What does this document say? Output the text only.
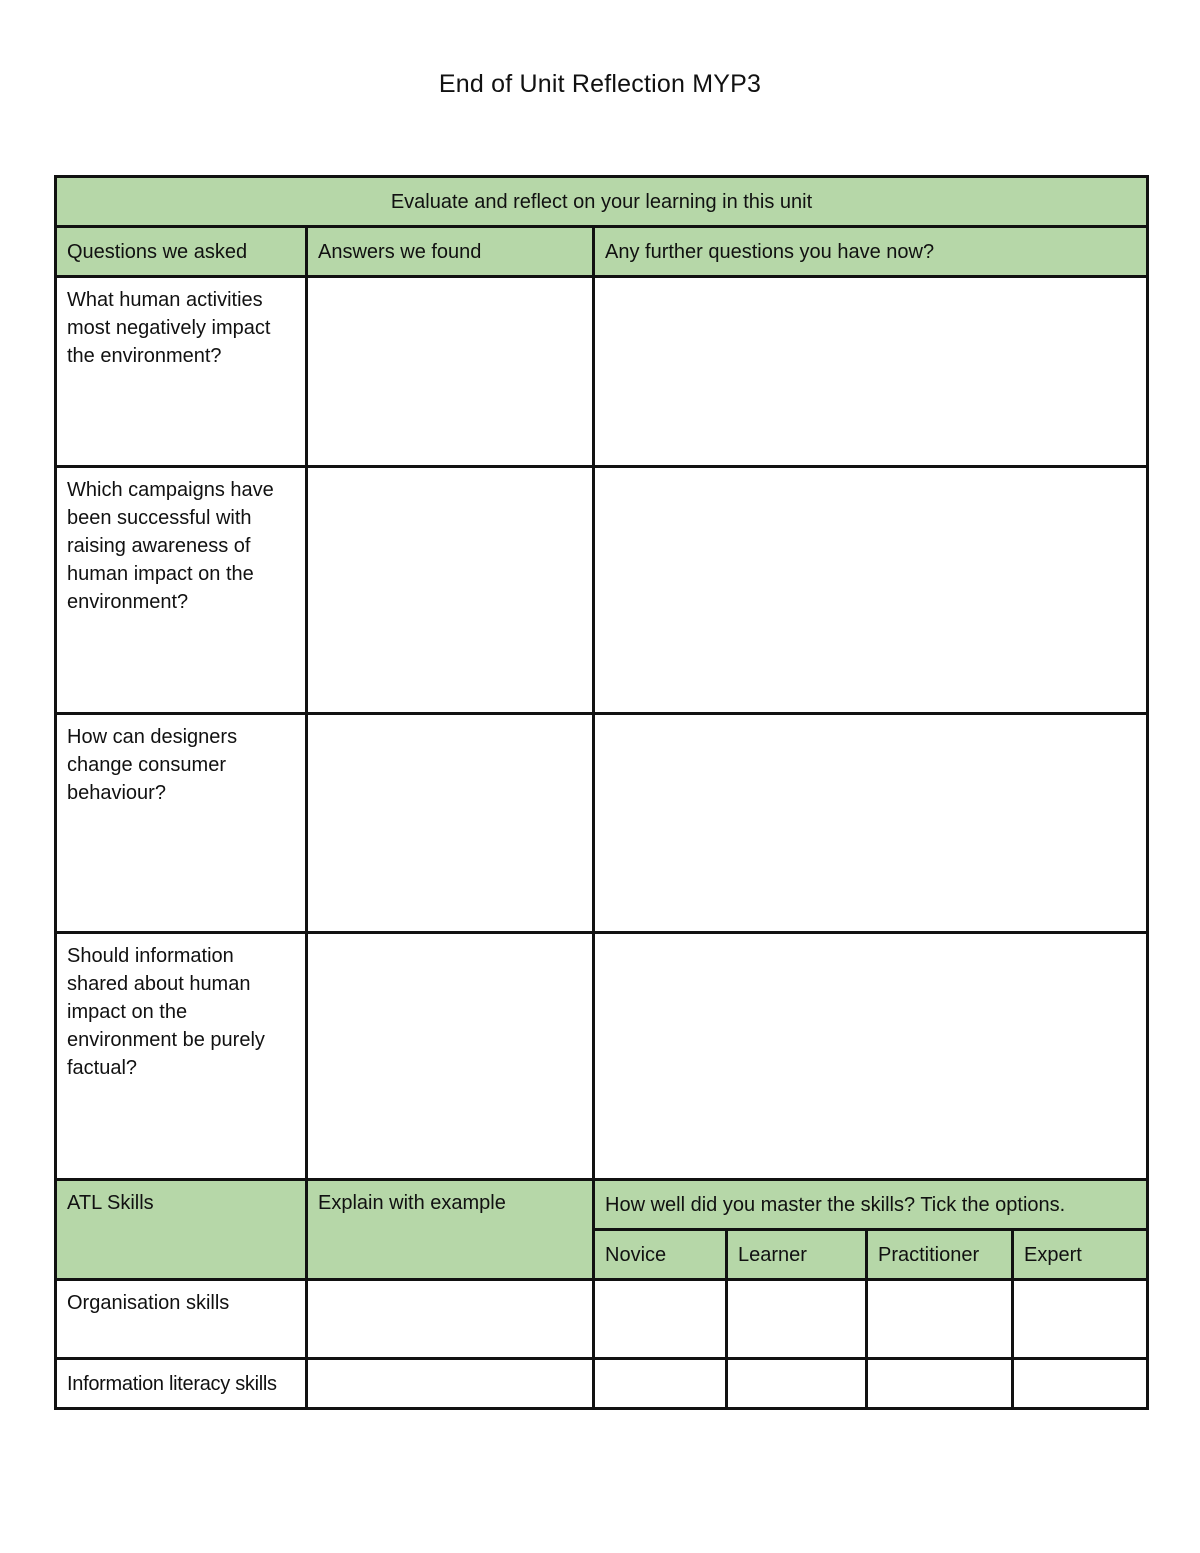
End of Unit Reflection MYP3
Evaluate and reflect on your learning in this unit					
Questions we asked	Answers we found	Any further questions you have now?			
What human activities most negatively impact the environment?					
Which campaigns have been successful with raising awareness of human impact on the environment?					
How can designers change consumer behaviour?					
Should information shared about human impact on the environment be purely factual?					
ATL Skills	Explain with example	How well did you master the skills? Tick the options.			
		Novice	Learner	Practitioner	Expert
Organisation skills					
Information literacy skills					
